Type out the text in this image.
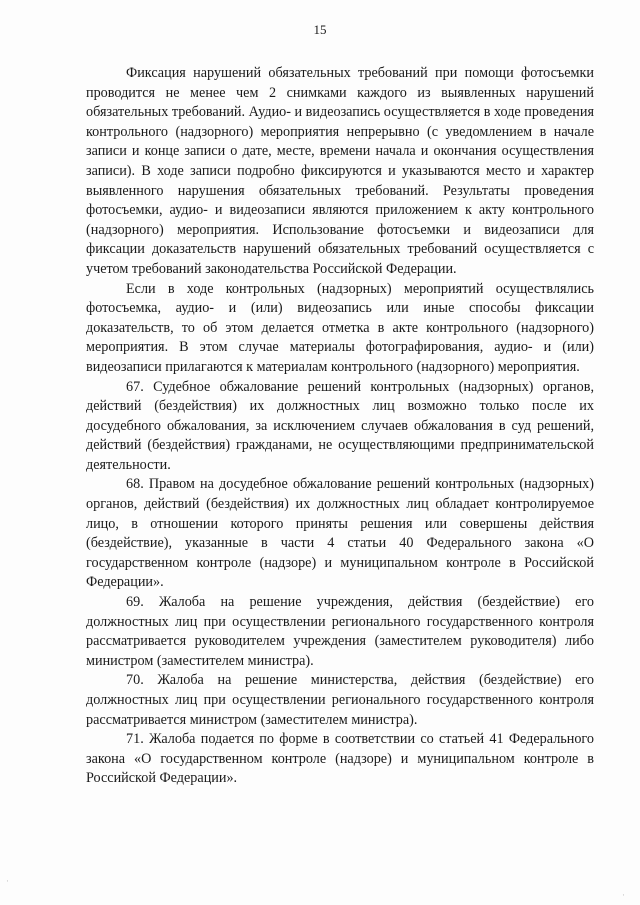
15

Фиксация нарушений обязательных требований при помощи фотосъемки проводится не менее чем 2 снимками каждого из выявленных нарушений обязательных требований. Аудио- и видеозапись осуществляется в ходе проведения контрольного (надзорного) мероприятия непрерывно (с уведомлением в начале записи и конце записи о дате, месте, времени начала и окончания осуществления записи). В ходе записи подробно фиксируются и указываются место и характер выявленного нарушения обязательных требований. Результаты проведения фотосъемки, аудио- и видеозаписи являются приложением к акту контрольного (надзорного) мероприятия. Использование фотосъемки и видеозаписи для фиксации доказательств нарушений обязательных требований осуществляется с учетом требований законодательства Российской Федерации.

Если в ходе контрольных (надзорных) мероприятий осуществлялись фотосъемка, аудио- и (или) видеозапись или иные способы фиксации доказательств, то об этом делается отметка в акте контрольного (надзорного) мероприятия. В этом случае материалы фотографирования, аудио- и (или) видеозаписи прилагаются к материалам контрольного (надзорного) мероприятия.

67. Судебное обжалование решений контрольных (надзорных) органов, действий (бездействия) их должностных лиц возможно только после их досудебного обжалования, за исключением случаев обжалования в суд решений, действий (бездействия) гражданами, не осуществляющими предпринимательской деятельности.

68. Правом на досудебное обжалование решений контрольных (надзорных) органов, действий (бездействия) их должностных лиц обладает контролируемое лицо, в отношении которого приняты решения или совершены действия (бездействие), указанные в части 4 статьи 40 Федерального закона «О государственном контроле (надзоре) и муниципальном контроле в Российской Федерации».

69. Жалоба на решение учреждения, действия (бездействие) его должностных лиц при осуществлении регионального государственного контроля рассматривается руководителем учреждения (заместителем руководителя) либо министром (заместителем министра).

70. Жалоба на решение министерства, действия (бездействие) его должностных лиц при осуществлении регионального государственного контроля рассматривается министром (заместителем министра).

71. Жалоба подается по форме в соответствии со статьей 41 Федерального закона «О государственном контроле (надзоре) и муниципальном контроле в Российской Федерации».

·
·
